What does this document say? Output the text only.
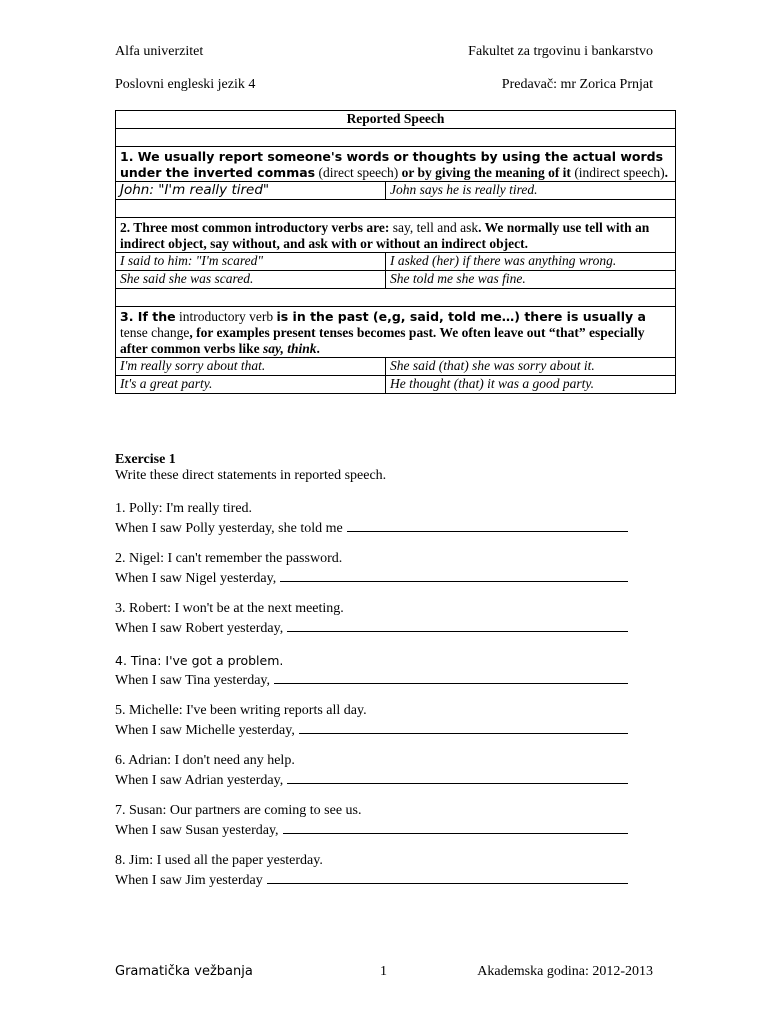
Alfa univerzitet	Fakultet za trgovinu i bankarstvo
Poslovni engleski jezik 4	Predavač: mr Zorica Prnjat
Reported Speech	

1. We usually report someone's words or thoughts by using the actual words under the inverted commas (direct speech) or by giving the meaning of it (indirect speech).	
John: "I'm really tired"	John says he is really tired.

2. Three most common introductory verbs are: say, tell and ask. We normally use tell with an indirect object, say without, and ask with or without an indirect object.	
I said to him: "I'm scared"	I asked (her) if there was anything wrong.
She said she was scared.	She told me she was fine.

3. If the introductory verb is in the past (e,g, said, told me…) there is usually a tense change, for examples present tenses becomes past. We often leave out “that” especially after common verbs like say, think.	
I'm really sorry about that.	She said (that) she was sorry about it.
It's a great party.	He thought (that) it was a good party.
Exercise 1
Write these direct statements in reported speech.
1. Polly: I'm really tired.
When I saw Polly yesterday, she told me
2. Nigel: I can't remember the password.
When I saw Nigel yesterday,
3. Robert: I won't be at the next meeting.
When I saw Robert yesterday,
4. Tina: I've got a problem.
When I saw Tina yesterday,
5. Michelle: I've been writing reports all day.
When I saw Michelle yesterday,
6. Adrian: I don't need any help.
When I saw Adrian yesterday,
7. Susan: Our partners are coming to see us.
When I saw Susan yesterday,
8. Jim: I used all the paper yesterday.
When I saw Jim yesterday
Gramatička vežbanja	1	Akademska godina: 2012-2013
